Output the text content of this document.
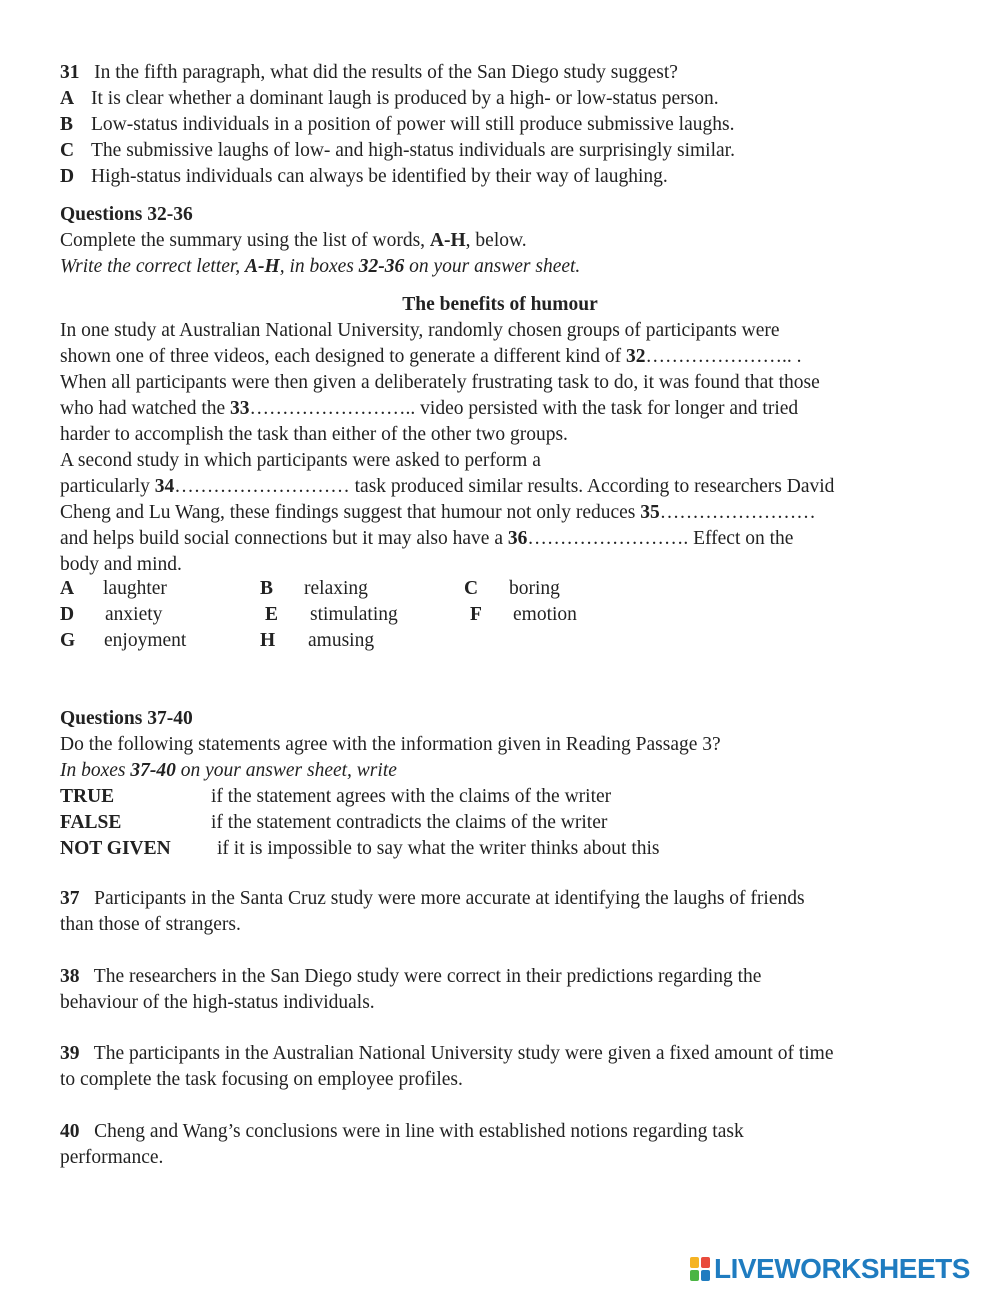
31 In the fifth paragraph, what did the results of the San Diego study suggest?
A It is clear whether a dominant laugh is produced by a high- or low-status person.
B Low-status individuals in a position of power will still produce submissive laughs.
C The submissive laughs of low- and high-status individuals are surprisingly similar.
D High-status individuals can always be identified by their way of laughing.
Questions 32-36
Complete the summary using the list of words, A-H, below.
Write the correct letter, A-H, in boxes 32-36 on your answer sheet.
The benefits of humour
In one study at Australian National University, randomly chosen groups of participants were
shown one of three videos, each designed to generate a different kind of 32………………….. .
When all participants were then given a deliberately frustrating task to do, it was found that those
who had watched the 33…………………….. video persisted with the task for longer and tried
harder to accomplish the task than either of the other two groups.
A second study in which participants were asked to perform a
particularly 34……………………… task produced similar results. According to researchers David
Cheng and Lu Wang, these findings suggest that humour not only reduces 35……………………
and helps build social connections but it may also have a 36……………………. Effect on the
body and mind.
A laughter	B relaxing	C boring
D anxiety	E stimulating	F emotion
G enjoyment	H amusing
Questions 37-40
Do the following statements agree with the information given in Reading Passage 3?
In boxes 37-40 on your answer sheet, write
TRUE	if the statement agrees with the claims of the writer
FALSE	if the statement contradicts the claims of the writer
NOT GIVEN if it is impossible to say what the writer thinks about this
37 Participants in the Santa Cruz study were more accurate at identifying the laughs of friends
than those of strangers.
38 The researchers in the San Diego study were correct in their predictions regarding the
behaviour of the high-status individuals.
39 The participants in the Australian National University study were given a fixed amount of time
to complete the task focusing on employee profiles.
40 Cheng and Wang’s conclusions were in line with established notions regarding task
performance.
LIVEWORKSHEETS
